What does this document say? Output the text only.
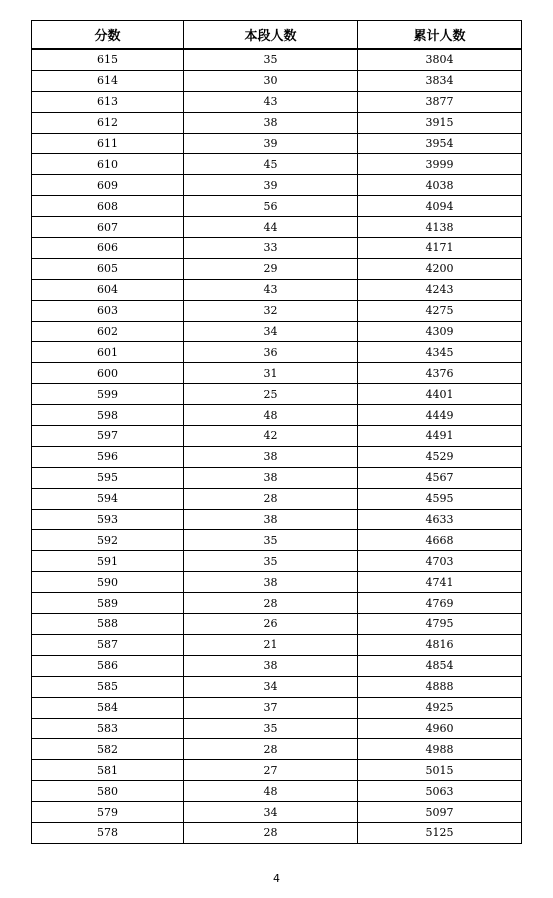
分数	本段人数	累计人数
615	35	3804
614	30	3834
613	43	3877
612	38	3915
611	39	3954
610	45	3999
609	39	4038
608	56	4094
607	44	4138
606	33	4171
605	29	4200
604	43	4243
603	32	4275
602	34	4309
601	36	4345
600	31	4376
599	25	4401
598	48	4449
597	42	4491
596	38	4529
595	38	4567
594	28	4595
593	38	4633
592	35	4668
591	35	4703
590	38	4741
589	28	4769
588	26	4795
587	21	4816
586	38	4854
585	34	4888
584	37	4925
583	35	4960
582	28	4988
581	27	5015
580	48	5063
579	34	5097
578	28	5125
4
